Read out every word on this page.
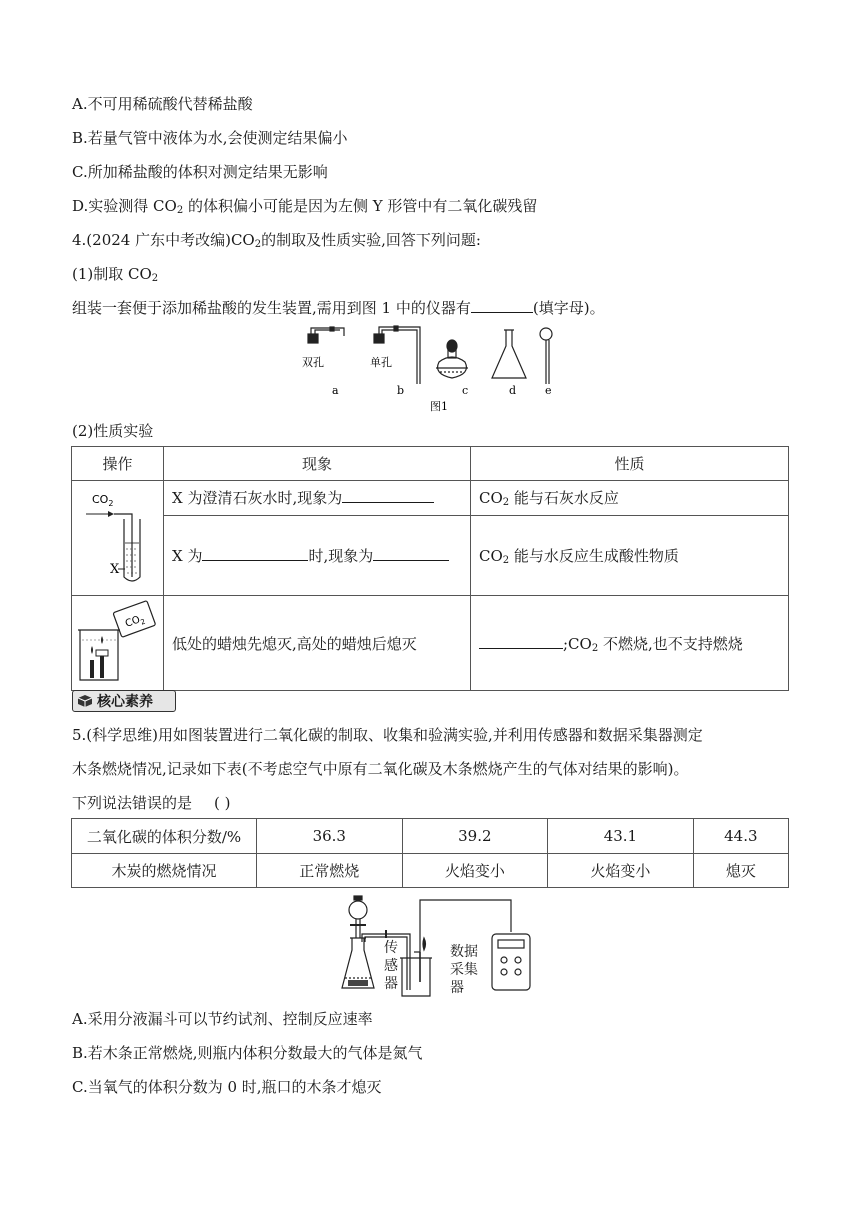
A.不可用稀硫酸代替稀盐酸
B.若量气管中液体为水,会使测定结果偏小
C.所加稀盐酸的体积对测定结果无影响
D.实验测得 $CO_2$ 的体积偏小可能是因为左侧 Y 形管中有二氧化碳残留
4.(2024 广东中考改编)$CO_2$的制取及性质实验,回答下列问题:
(1)制取 $CO_2$
组装一套便于添加稀盐酸的发生装置,需用到图 1 中的仪器有	(填字母)。
双孔	单孔
a	b	c	d	e
图1
(2)性质实验
操作	现象	性质

$CO_2$
X	X 为澄清石灰水时,现象为	$CO_2$ 能与石灰水反应
	X 为 时,现象为	$CO_2$ 能与水反应生成酸性物质

$CO_2$	低处的蜡烛先熄灭,高处的蜡烛后熄灭	$;CO_2$ 不燃烧,也不支持燃烧
核心素养
5.(科学思维)用如图装置进行二氧化碳的制取、收集和验满实验,并利用传感器和数据采集器测定
木条燃烧情况,记录如下表(不考虑空气中原有二氧化碳及木条燃烧产生的气体对结果的影响)。
下列说法错误的是 ( )
二氧化碳的体积分数/%	36.3	39.2	43.1	44.3
木炭的燃烧情况	正常燃烧	火焰变小	火焰变小	熄灭
传
感
器
数据
采集
器
A.采用分液漏斗可以节约试剂、控制反应速率
B.若木条正常燃烧,则瓶内体积分数最大的气体是氮气
C.当氧气的体积分数为 0 时,瓶口的木条才熄灭
